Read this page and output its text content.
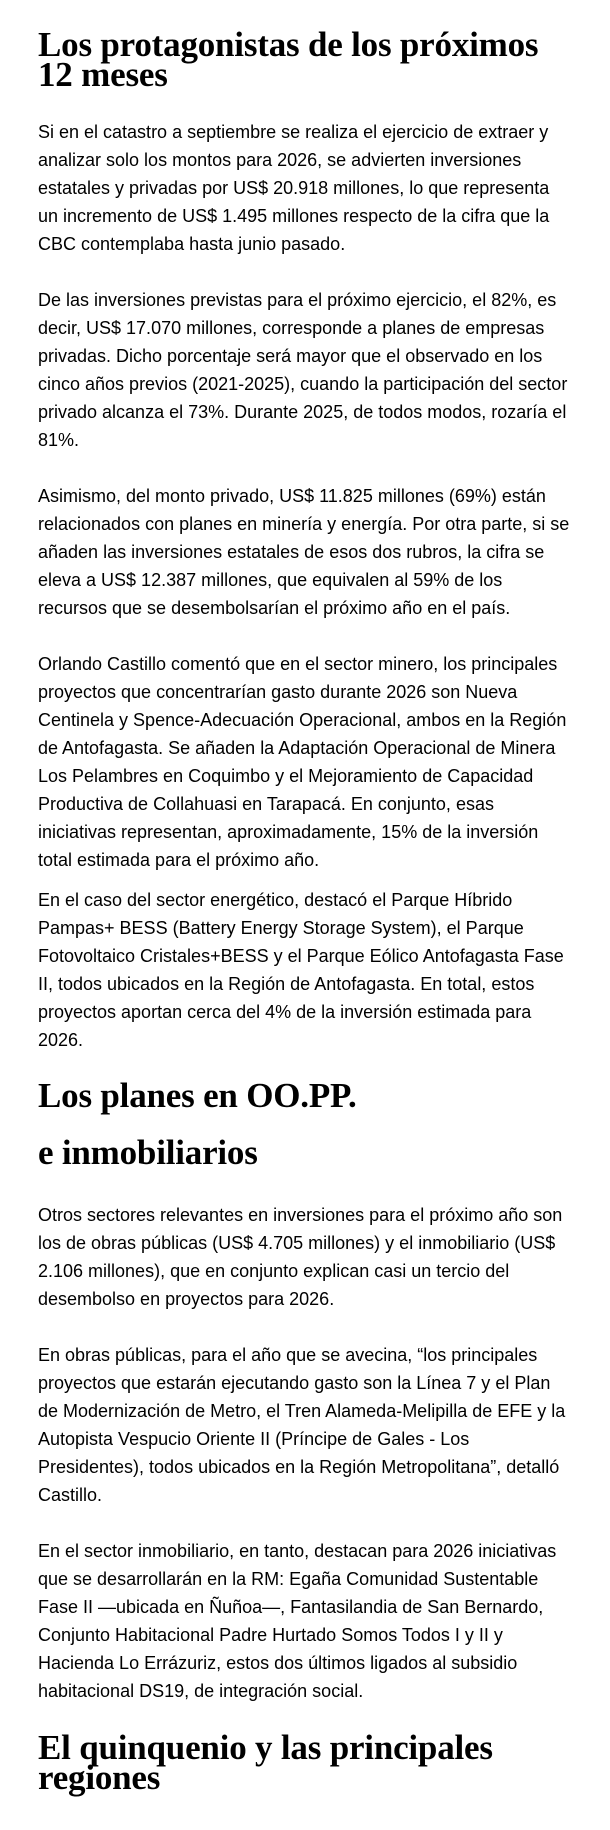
Los protagonistas de los próximos 12 meses

Si en el catastro a septiembre se realiza el ejercicio de extraer y analizar solo los montos para 2026, se advierten inversiones estatales y privadas por US$ 20.918 millones, lo que representa un incremento de US$ 1.495 millones respecto de la cifra que la CBC contemplaba hasta junio pasado.

De las inversiones previstas para el próximo ejercicio, el 82%, es decir, US$ 17.070 millones, corresponde a planes de empresas privadas. Dicho porcentaje será mayor que el observado en los cinco años previos (2021-2025), cuando la participación del sector privado alcanza el 73%. Durante 2025, de todos modos, rozaría el 81%.

Asimismo, del monto privado, US$ 11.825 millones (69%) están relacionados con planes en minería y energía. Por otra parte, si se añaden las inversiones estatales de esos dos rubros, la cifra se eleva a US$ 12.387 millones, que equivalen al 59% de los recursos que se desembolsarían el próximo año en el país.

Orlando Castillo comentó que en el sector minero, los principales proyectos que concentrarían gasto durante 2026 son Nueva Centinela y Spence-Adecuación Operacional, ambos en la Región de Antofagasta. Se añaden la Adaptación Operacional de Minera Los Pelambres en Coquimbo y el Mejoramiento de Capacidad Productiva de Collahuasi en Tarapacá. En conjunto, esas iniciativas representan, aproximadamente, 15% de la inversión total estimada para el próximo año.

En el caso del sector energético, destacó el Parque Híbrido Pampas+ BESS (Battery Energy Storage System), el Parque Fotovoltaico Cristales+BESS y el Parque Eólico Antofagasta Fase II, todos ubicados en la Región de Antofagasta. En total, estos proyectos aportan cerca del 4% de la inversión estimada para 2026.

Los planes en OO.PP.
e inmobiliarios

Otros sectores relevantes en inversiones para el próximo año son los de obras públicas (US$ 4.705 millones) y el inmobiliario (US$ 2.106 millones), que en conjunto explican casi un tercio del desembolso en proyectos para 2026.

En obras públicas, para el año que se avecina, “los principales proyectos que estarán ejecutando gasto son la Línea 7 y el Plan de Modernización de Metro, el Tren Alameda-Melipilla de EFE y la Autopista Vespucio Oriente II (Príncipe de Gales - Los Presidentes), todos ubicados en la Región Metropolitana”, detalló Castillo.

En el sector inmobiliario, en tanto, destacan para 2026 iniciativas que se desarrollarán en la RM: Egaña Comunidad Sustentable Fase II —ubicada en Ñuñoa—, Fantasilandia de San Bernardo, Conjunto Habitacional Padre Hurtado Somos Todos I y II y Hacienda Lo Errázuriz, estos dos últimos ligados al subsidio habitacional DS19, de integración social.

El quinquenio y las principales regiones
